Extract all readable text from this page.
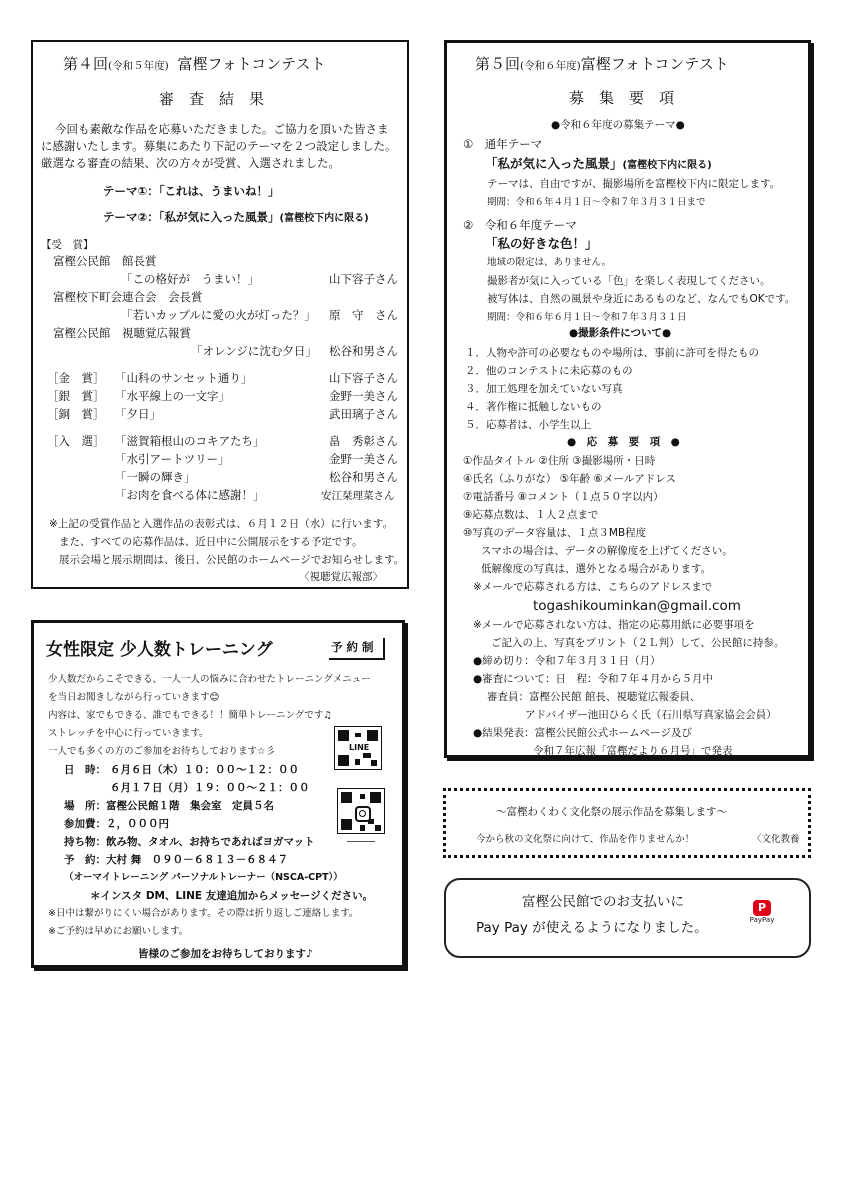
第４回(令和５年度) 富樫フォトコンテスト
審　査　結　果
今回も素敵な作品を応募いただきました。ご協力を頂いた皆さま
に感謝いたします。募集にあたり下記のテーマを２つ設定しました。
厳選なる審査の結果、次の方々が受賞、入選されました。
テーマ①：「これは、うまいね！」
テーマ②：「私が気に入った風景」(富樫校下内に限る)
【受　賞】
富樫公民館　館長賞
「この格好が　うまい！」	山下容子さん
富樫校下町会連合会　会長賞
「若いカップルに愛の火が灯った？」 原　守　さん
富樫公民館　視聴覚広報賞
「オレンジに沈む夕日」 松谷和男さん
［金　賞］ 「山科のサンセット通り」	山下容子さん
［銀　賞］ 「水平線上の一文字」	金野一美さん
［銅　賞］ 「夕日」	武田璃子さん
［入　選］ 「滋賀箱根山のコキアたち」	畠　秀彰さん
「水引アートツリー」	金野一美さん
「一瞬の輝き」	松谷和男さん
「お肉を食べる体に感謝！」	安江栞理菜さん
※上記の受賞作品と入選作品の表彰式は、６月１２日（水）に行います。
また、すべての応募作品は、近日中に公開展示をする予定です。
展示会場と展示期間は、後日、公民館のホームページでお知らせします。
〈視聴覚広報部〉
第５回(令和６年度)富樫フォトコンテスト
募　集　要　項
●令和６年度の募集テーマ●
①　通年テーマ
「私が気に入った風景」(富樫校下内に限る)
テーマは、自由ですが、撮影場所を富樫校下内に限定します。
期間：令和６年４月１日～令和７年３月３１日まで
②　令和６年度テーマ
「私の好きな色！」
地域の限定は、ありません。
撮影者が気に入っている「色」を楽しく表現してください。
被写体は、自然の風景や身近にあるものなど、なんでもOKです。
期間：令和６年６月１日～令和７年３月３１日
●撮影条件について●
１．人物や許可の必要なものや場所は、事前に許可を得たもの
２．他のコンテストに未応募のもの
３．加工処理を加えていない写真
４．著作権に抵触しないもの
５．応募者は、小学生以上
●　応　募　要　項　●
①作品タイトル ②住所 ③撮影場所・日時
④氏名（ふりがな） ⑤年齢 ⑥メールアドレス
⑦電話番号 ⑧コメント（１点５０字以内）
⑨応募点数は、１人２点まで
⑩写真のデータ容量は、１点３MB程度
スマホの場合は、データの解像度を上げてください。
低解像度の写真は、選外となる場合があります。
※メールで応募される方は、こちらのアドレスまで
togashikouminkan@gmail.com
※メールで応募されない方は、指定の応募用紙に必要事項を
ご記入の上、写真をプリント（２Ｌ判）して、公民館に持参。
●締め切り：令和７年３月３１日（月）
●審査について：日　程：令和７年４月から５月中
審査員：富樫公民館 館長、視聴覚広報委員、
アドバイザー池田ひらく氏（石川県写真家協会会員）
●結果発表：富樫公民館公式ホームページ及び
令和７年広報「富樫だより６月号」で発表
女性限定 少人数トレーニング	予 約 制
少人数だからこそできる、一人一人の悩みに合わせたトレーニングメニュー
を当日お聞きしながら行っていきます😊
内容は、家でもできる、誰でもできる！！簡単トレーニングです♫
ストレッチを中心に行っていきます。
一人でも多くの方のご参加をお待ちしております☆彡
日　時： ６月６日（木）１０：００～１２：００
６月１７日（月）１９：００～２１：００
場　所：富樫公民館１階　集会室　定員５名
参加費：２，０００円
持ち物：飲み物、タオル、お持ちであればヨガマット
予　約：大村 舞　０９０－６８１３－６８４７
（オーマイトレーニング パーソナルトレーナー（NSCA-CPT））
＊インスタ DM、LINE 友達追加からメッセージください。
※日中は繋がりにくい場合があります。その際は折り返しご連絡します。
※ご予約は早めにお願いします。
皆様のご参加をお待ちしております♪
LINE
～富樫わくわく文化祭の展示作品を募集します～
今から秋の文化祭に向けて、作品を作りませんか！	〈文化教養
富樫公民館でのお支払いに
Pay Pay が使えるようになりました。
P
PayPay
